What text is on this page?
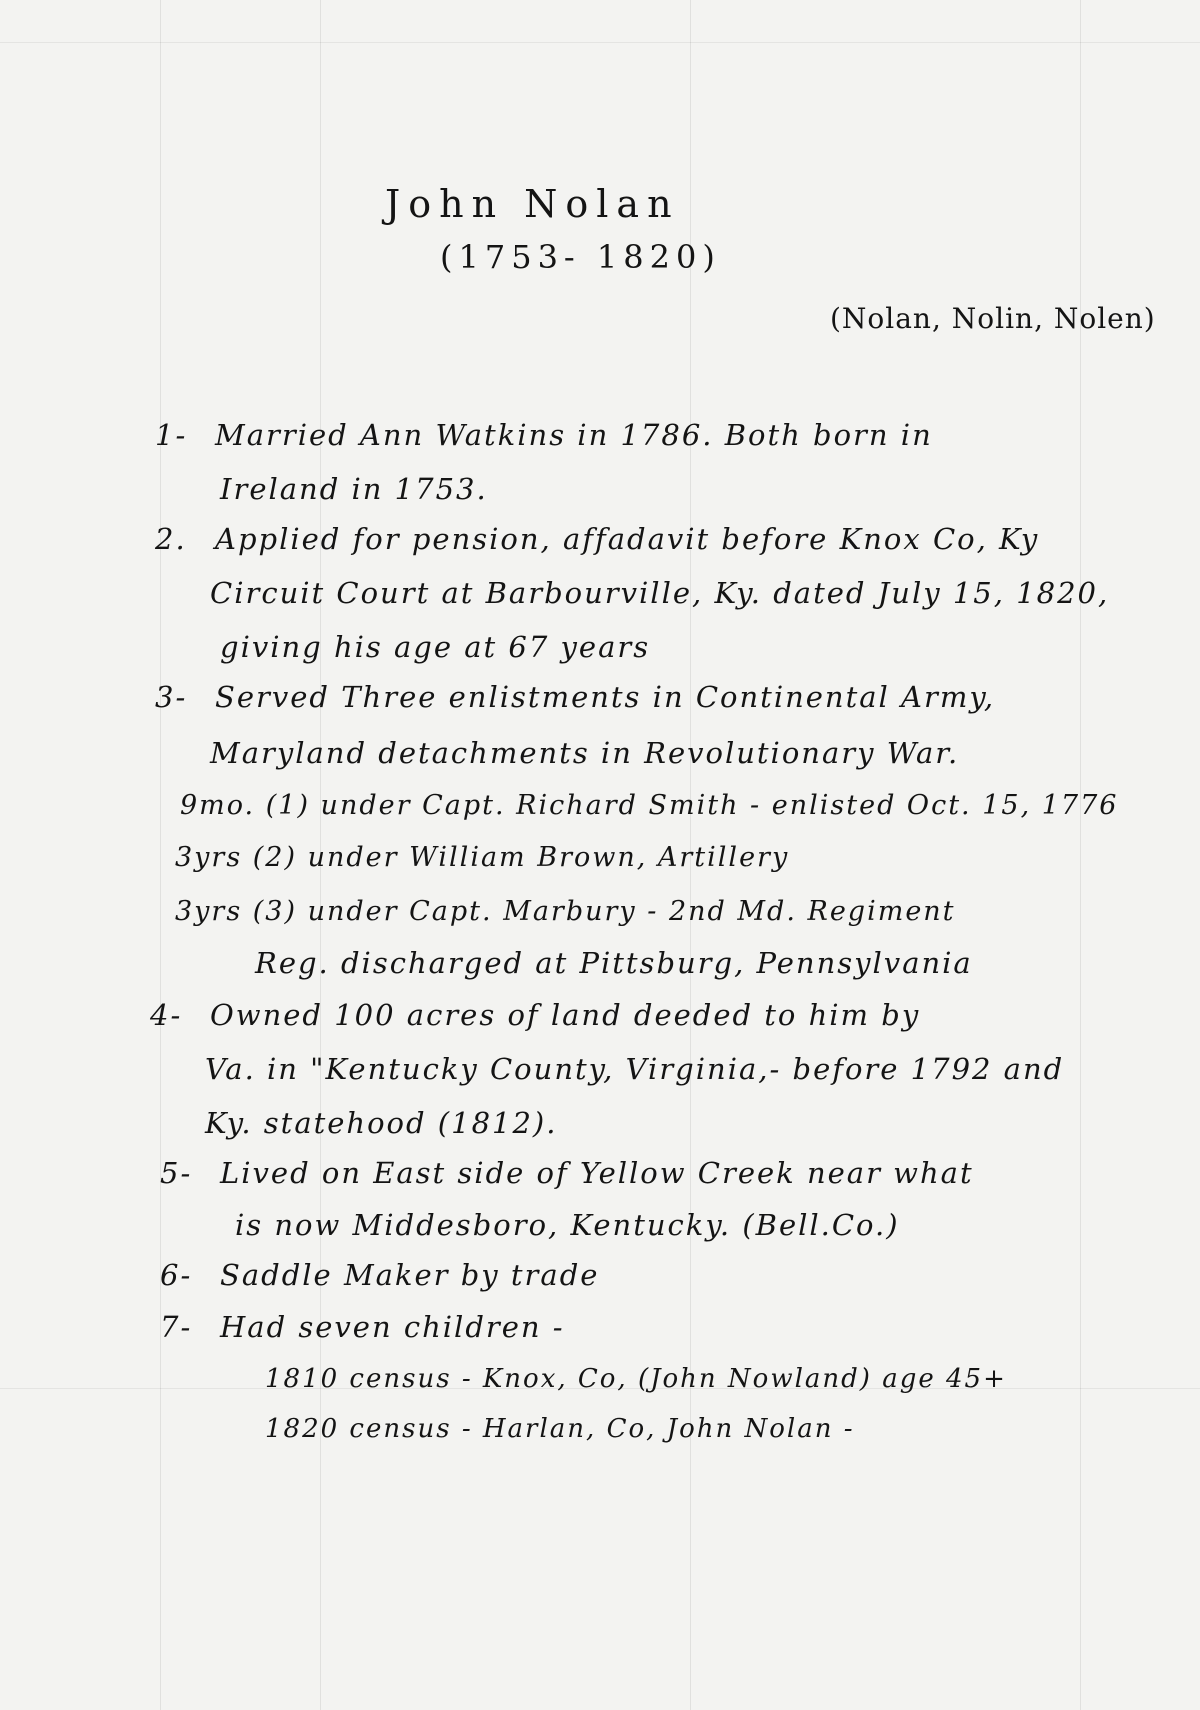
John Nolan
(1753- 1820)
(Nolan, Nolin, Nolen)
1- Married Ann Watkins in 1786. Both born in
Ireland in 1753.
2. Applied for pension, affadavit before Knox Co, Ky
Circuit Court at Barbourville, Ky. dated July 15, 1820,
giving his age at 67 years
3- Served Three enlistments in Continental Army,
Maryland detachments in Revolutionary War.
9mo. (1) under Capt. Richard Smith - enlisted Oct. 15, 1776
3yrs (2) under William Brown, Artillery
3yrs (3) under Capt. Marbury - 2nd Md. Regiment
Reg. discharged at Pittsburg, Pennsylvania
4- Owned 100 acres of land deeded to him by
Va. in "Kentucky County, Virginia,- before 1792 and
Ky. statehood (1812).
5- Lived on East side of Yellow Creek near what
is now Middesboro, Kentucky. (Bell.Co.)
6- Saddle Maker by trade
7- Had seven children -
1810 census - Knox, Co, (John Nowland) age 45+
1820 census - Harlan, Co, John Nolan -
